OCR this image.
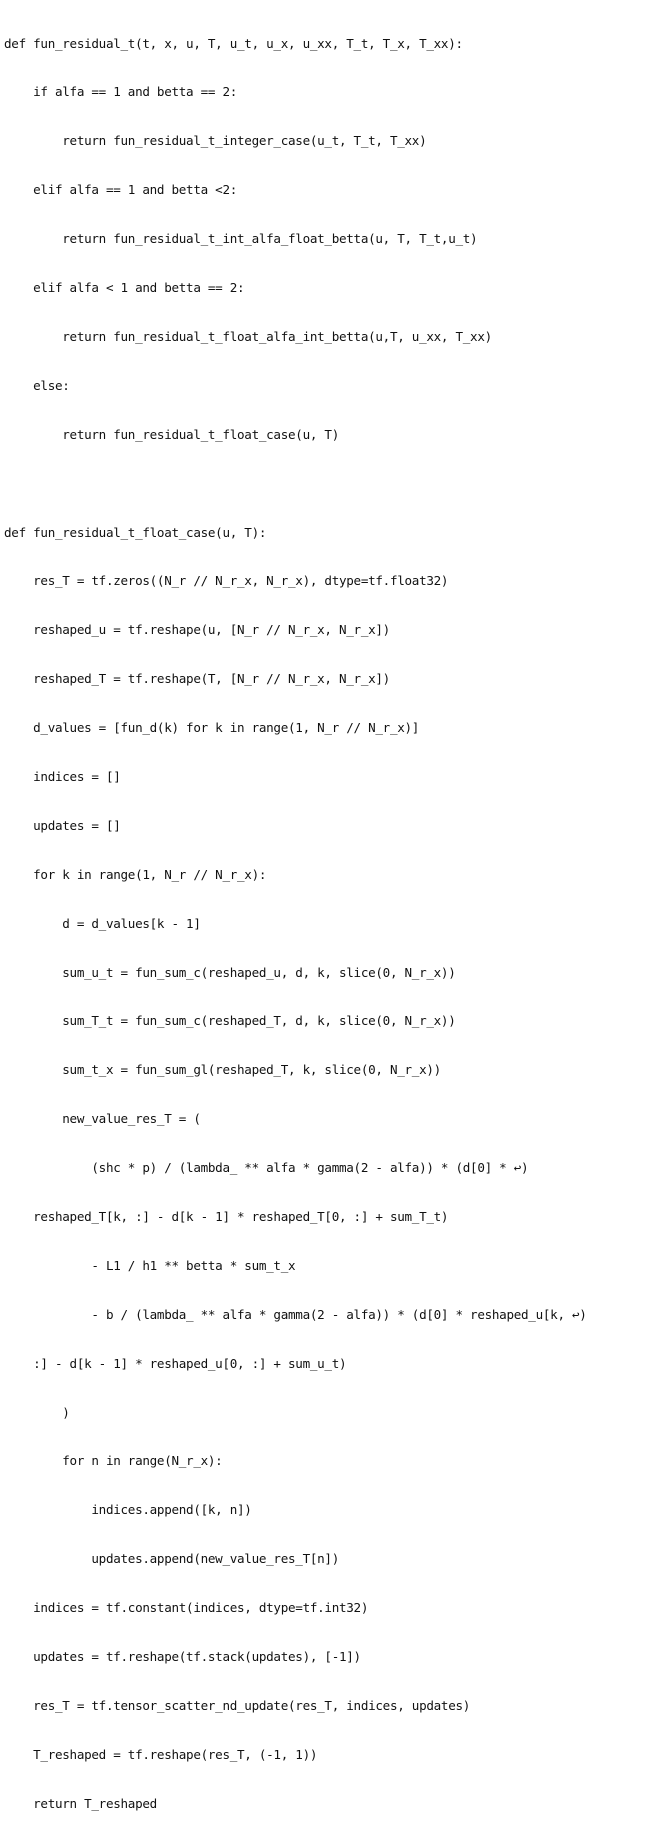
def fun_residual_t(t, x, u, T, u_t, u_x, u_xx, T_t, T_x, T_xx):

if alfa == 1 and betta == 2:

return fun_residual_t_integer_case(u_t, T_t, T_xx)

elif alfa == 1 and betta <2:

return fun_residual_t_int_alfa_float_betta(u, T, T_t,u_t)

elif alfa < 1 and betta == 2:

return fun_residual_t_float_alfa_int_betta(u,T, u_xx, T_xx)

else:

return fun_residual_t_float_case(u, T)

def fun_residual_t_float_case(u, T):

res_T = tf.zeros((N_r // N_r_x, N_r_x), dtype=tf.float32)

reshaped_u = tf.reshape(u, [N_r // N_r_x, N_r_x])

reshaped_T = tf.reshape(T, [N_r // N_r_x, N_r_x])

d_values = [fun_d(k) for k in range(1, N_r // N_r_x)]

indices = []

updates = []

for k in range(1, N_r // N_r_x):

d = d_values[k - 1]

sum_u_t = fun_sum_c(reshaped_u, d, k, slice(0, N_r_x))

sum_T_t = fun_sum_c(reshaped_T, d, k, slice(0, N_r_x))

sum_t_x = fun_sum_gl(reshaped_T, k, slice(0, N_r_x))

new_value_res_T = (

(shc * p) / (lambda_ ** alfa * gamma(2 - alfa)) * (d[0] * ↩)

reshaped_T[k, :] - d[k - 1] * reshaped_T[0, :] + sum_T_t)

- L1 / h1 ** betta * sum_t_x

- b / (lambda_ ** alfa * gamma(2 - alfa)) * (d[0] * reshaped_u[k, ↩)

:] - d[k - 1] * reshaped_u[0, :] + sum_u_t)

)

for n in range(N_r_x):

indices.append([k, n])

updates.append(new_value_res_T[n])

indices = tf.constant(indices, dtype=tf.int32)

updates = tf.reshape(tf.stack(updates), [-1])

res_T = tf.tensor_scatter_nd_update(res_T, indices, updates)

T_reshaped = tf.reshape(res_T, (-1, 1))

return T_reshaped
